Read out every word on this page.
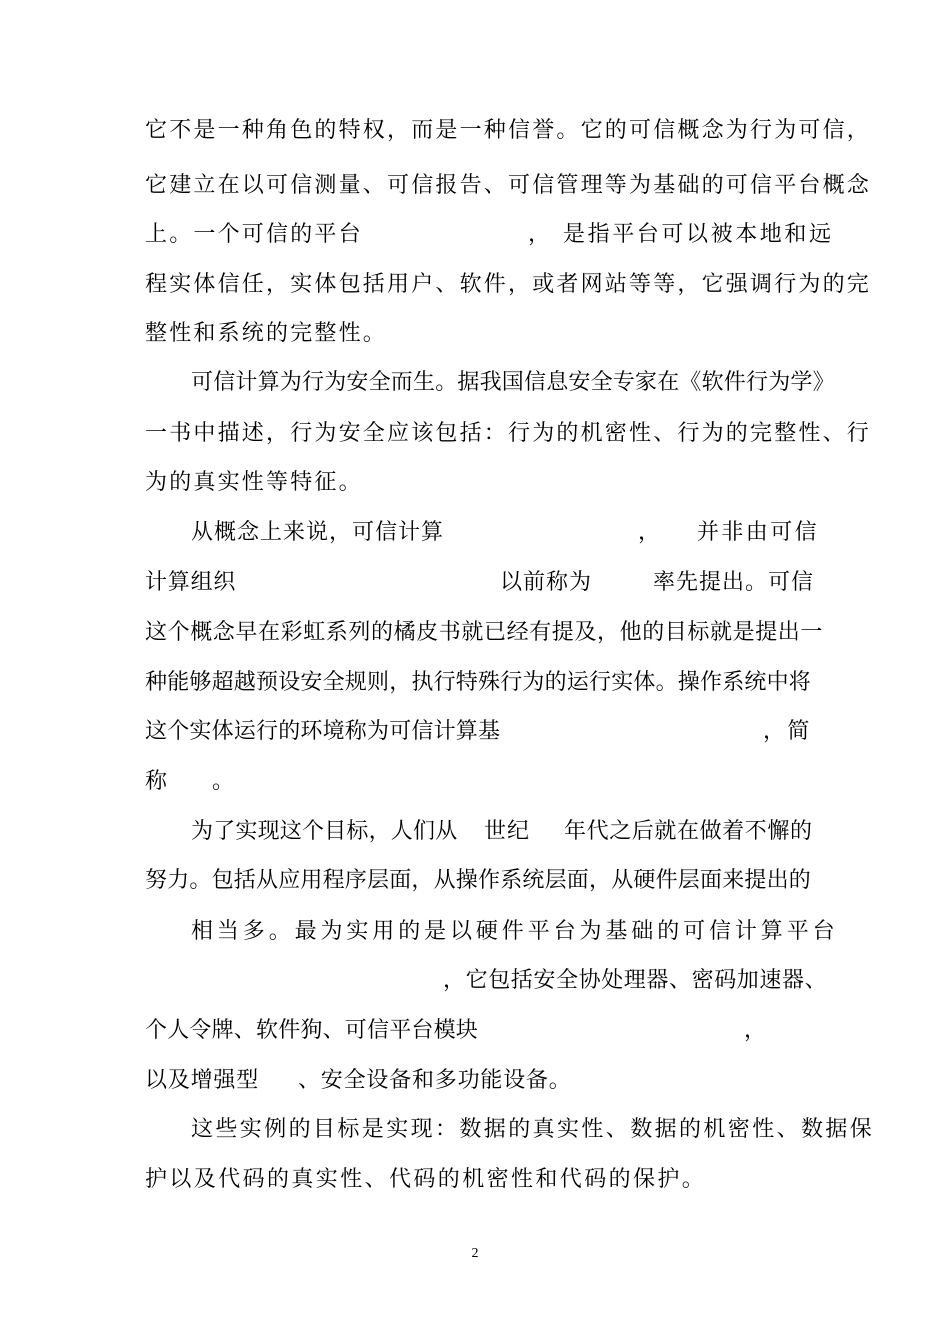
它不是一种角色的特权，而是一种信誉。它的可信概念为行为可信，
它建立在以可信测量、可信报告、可信管理等为基础的可信平台概念
上。一个可信的平台	， 是指平台可以被本地和远
程实体信任，实体包括用户、软件，或者网站等等，它强调行为的完
整性和系统的完整性。
可信计算为行为安全而生。据我国信息安全专家在《软件行为学》
一书中描述，行为安全应该包括：行为的机密性、行为的完整性、行
为的真实性等特征。
从概念上来说，可信计算	， 并非由可信
计算组织	以前称为	率先提出。可信
这个概念早在彩虹系列的橘皮书就已经有提及，他的目标就是提出一
种能够超越预设安全规则，执行特殊行为的运行实体。操作系统中将
这个实体运行的环境称为可信计算基	，简
称 。
为了实现这个目标，人们从 世纪 年代之后就在做着不懈的
努力。包括从应用程序层面，从操作系统层面，从硬件层面来提出的
相当多。最为实用的是以硬件平台为基础的可信计算平台
，它包括安全协处理器、密码加速器、
个人令牌、软件狗、可信平台模块	，
以及增强型 、安全设备和多功能设备。
这些实例的目标是实现：数据的真实性、数据的机密性、数据保
护以及代码的真实性、代码的机密性和代码的保护。
2
